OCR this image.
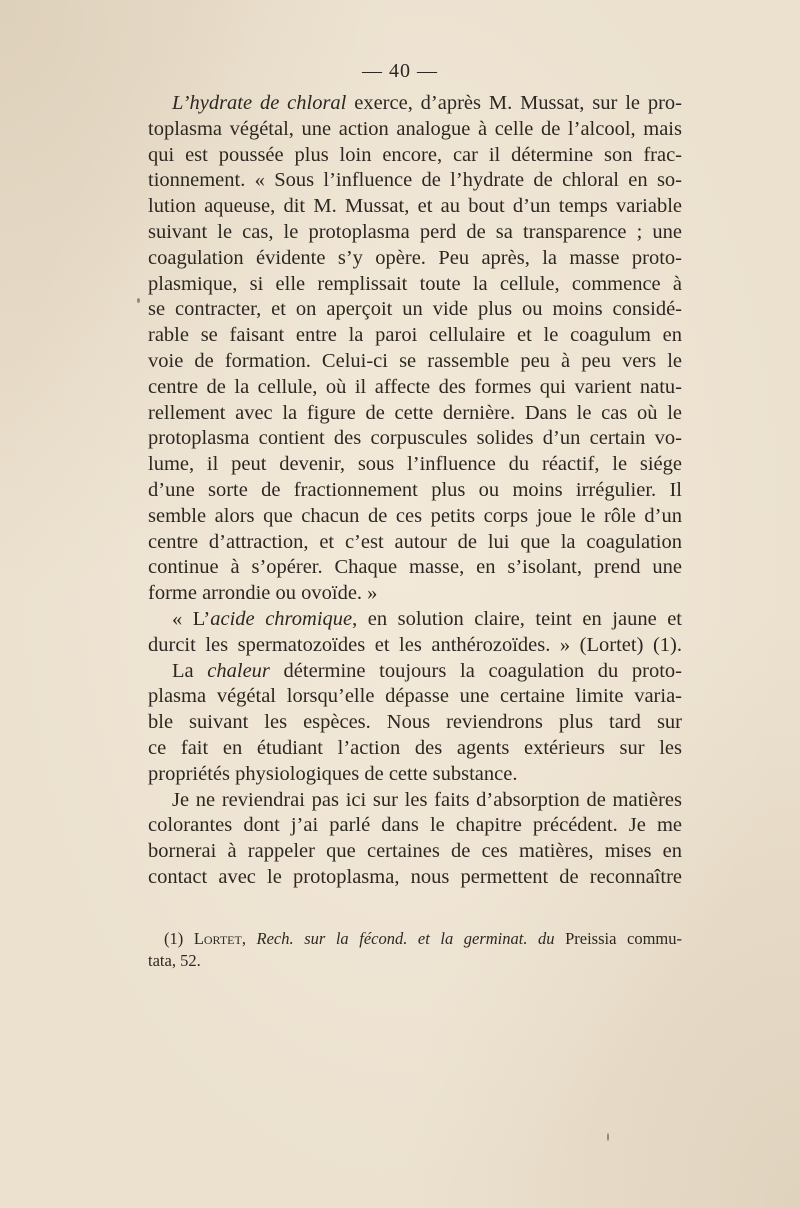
— 40 —
L’hydrate de chloral exerce, d’après M. Mussat, sur le pro-
toplasma végétal, une action analogue à celle de l’alcool, mais
qui est poussée plus loin encore, car il détermine son frac-
tionnement. « Sous l’influence de l’hydrate de chloral en so-
lution aqueuse, dit M. Mussat, et au bout d’un temps variable
suivant le cas, le protoplasma perd de sa transparence ; une
coagulation évidente s’y opère. Peu après, la masse proto-
plasmique, si elle remplissait toute la cellule, commence à
se contracter, et on aperçoit un vide plus ou moins considé-
rable se faisant entre la paroi cellulaire et le coagulum en
voie de formation. Celui-ci se rassemble peu à peu vers le
centre de la cellule, où il affecte des formes qui varient natu-
rellement avec la figure de cette dernière. Dans le cas où le
protoplasma contient des corpuscules solides d’un certain vo-
lume, il peut devenir, sous l’influence du réactif, le siége
d’une sorte de fractionnement plus ou moins irrégulier. Il
semble alors que chacun de ces petits corps joue le rôle d’un
centre d’attraction, et c’est autour de lui que la coagulation
continue à s’opérer. Chaque masse, en s’isolant, prend une
forme arrondie ou ovoïde. »
« L’acide chromique, en solution claire, teint en jaune et
durcit les spermatozoïdes et les anthérozoïdes. » (Lortet) (1).
La chaleur détermine toujours la coagulation du proto-
plasma végétal lorsqu’elle dépasse une certaine limite varia-
ble suivant les espèces. Nous reviendrons plus tard sur
ce fait en étudiant l’action des agents extérieurs sur les
propriétés physiologiques de cette substance.
Je ne reviendrai pas ici sur les faits d’absorption de matières
colorantes dont j’ai parlé dans le chapitre précédent. Je me
bornerai à rappeler que certaines de ces matières, mises en
contact avec le protoplasma, nous permettent de reconnaître
(1) Lortet, Rech. sur la fécond. et la germinat. du Preissia commu-
tata, 52.
